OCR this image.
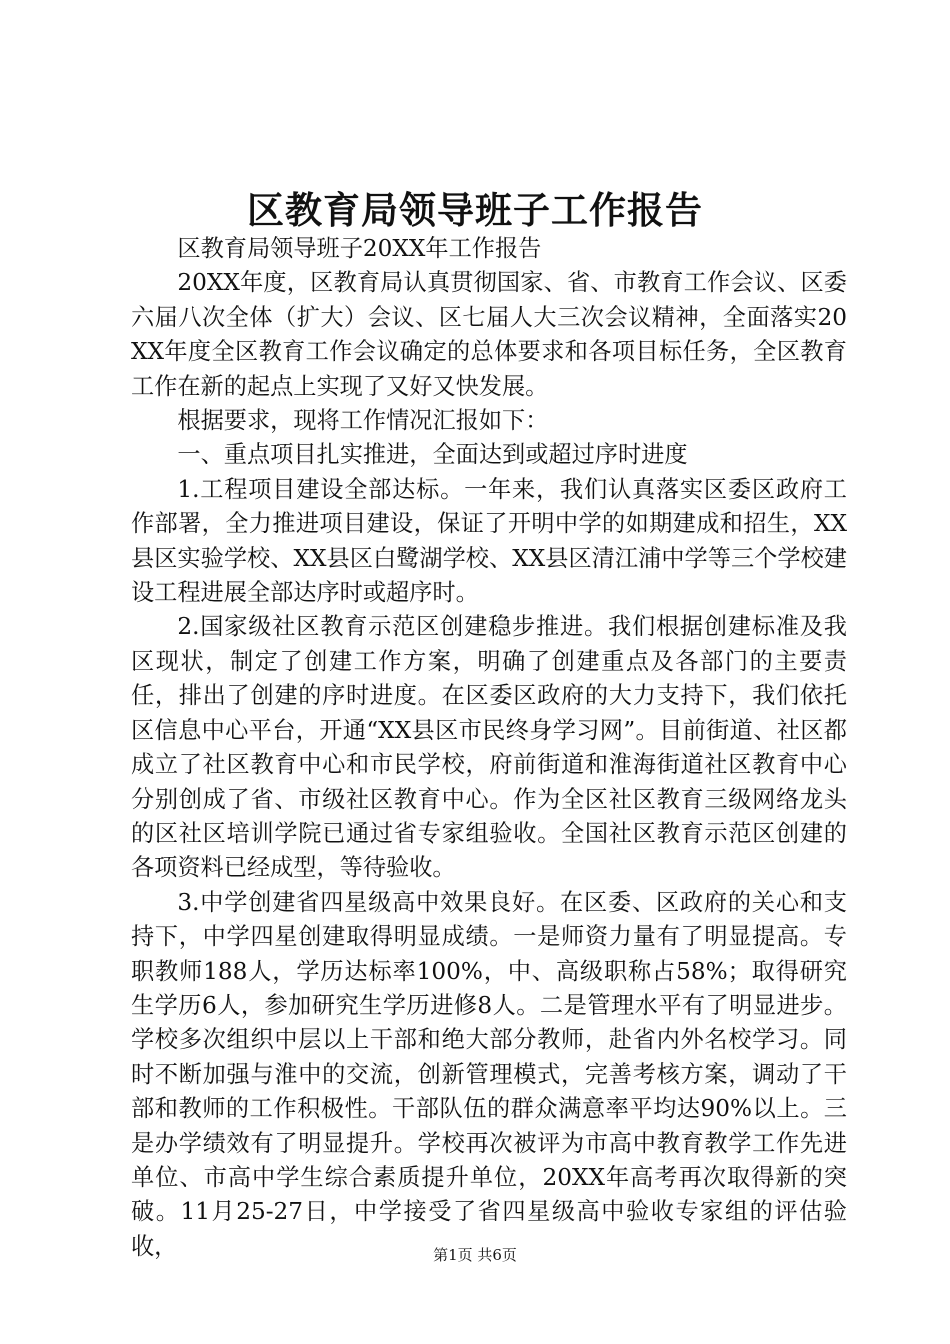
区教育局领导班子工作报告

区教育局领导班子20XX年工作报告

20XX年度，区教育局认真贯彻国家、省、市教育工作会议、区委六届八次全体（扩大）会议、区七届人大三次会议精神，全面落实20XX年度全区教育工作会议确定的总体要求和各项目标任务，全区教育工作在新的起点上实现了又好又快发展。

根据要求，现将工作情况汇报如下：

一、重点项目扎实推进，全面达到或超过序时进度

1.工程项目建设全部达标。一年来，我们认真落实区委区政府工作部署，全力推进项目建设，保证了开明中学的如期建成和招生，XX县区实验学校、XX县区白鹭湖学校、XX县区清江浦中学等三个学校建设工程进展全部达序时或超序时。

2.国家级社区教育示范区创建稳步推进。我们根据创建标准及我区现状，制定了创建工作方案，明确了创建重点及各部门的主要责任，排出了创建的序时进度。在区委区政府的大力支持下，我们依托区信息中心平台，开通“XX县区市民终身学习网”。目前街道、社区都成立了社区教育中心和市民学校，府前街道和淮海街道社区教育中心分别创成了省、市级社区教育中心。作为全区社区教育三级网络龙头的区社区培训学院已通过省专家组验收。全国社区教育示范区创建的各项资料已经成型，等待验收。

3.中学创建省四星级高中效果良好。在区委、区政府的关心和支持下，中学四星创建取得明显成绩。一是师资力量有了明显提高。专职教师188人，学历达标率100%，中、高级职称占58%；取得研究生学历6人，参加研究生学历进修8人。二是管理水平有了明显进步。学校多次组织中层以上干部和绝大部分教师，赴省内外名校学习。同时不断加强与淮中的交流，创新管理模式，完善考核方案，调动了干部和教师的工作积极性。干部队伍的群众满意率平均达90%以上。三是办学绩效有了明显提升。学校再次被评为市高中教育教学工作先进单位、市高中学生综合素质提升单位，20XX年高考再次取得新的突破。11月25-27日，中学接受了省四星级高中验收专家组的评估验收，	第1页 共6页
